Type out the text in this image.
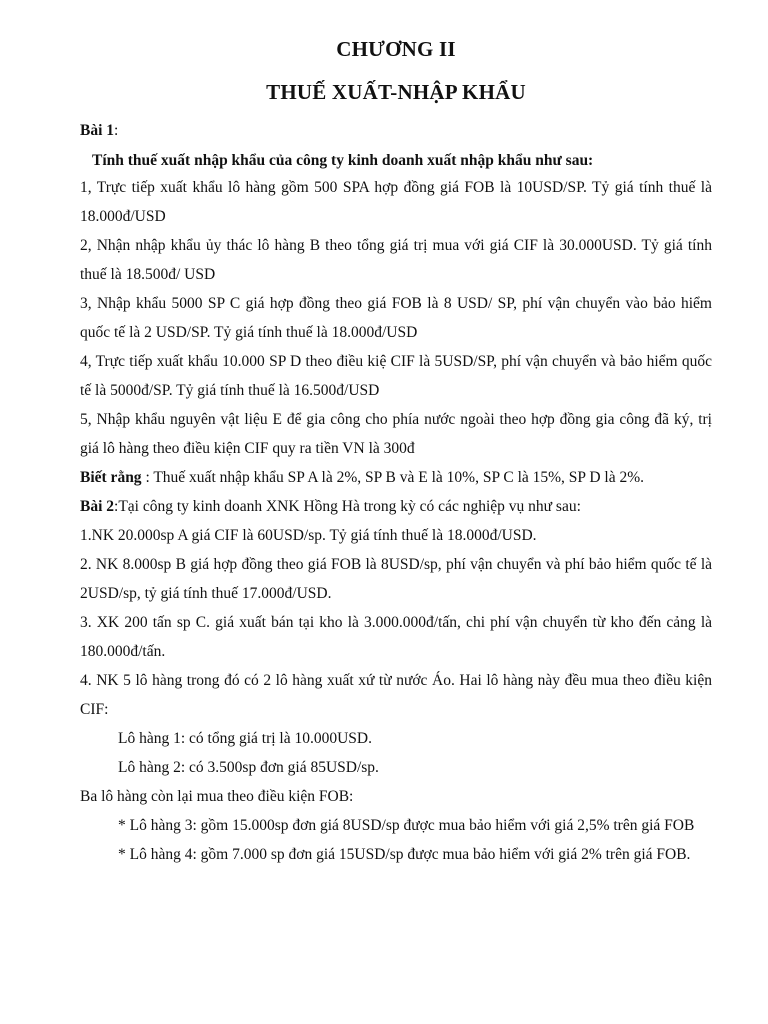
CHƯƠNG II
THUẾ XUẤT-NHẬP KHẨU
Bài 1:
Tính thuế xuất nhập khẩu của công ty kinh doanh xuất nhập khẩu như sau:

1, Trực tiếp xuất khẩu lô hàng gồm 500 SPA hợp đồng giá FOB là 10USD/SP. Tỷ giá tính thuế là 18.000đ/USD

2, Nhận nhập khẩu ủy thác lô hàng B theo tổng giá trị mua với giá CIF là 30.000USD. Tỷ giá tính thuế là 18.500đ/ USD

3, Nhập khẩu 5000 SP C giá hợp đồng theo giá FOB là 8 USD/ SP, phí vận chuyển vào bảo hiểm quốc tế là 2 USD/SP. Tỷ giá tính thuế là 18.000đ/USD

4, Trực tiếp xuất khẩu 10.000 SP D theo điều kiệ CIF là 5USD/SP, phí vận chuyển và bảo hiểm quốc tế là 5000đ/SP. Tỷ giá tính thuế là 16.500đ/USD

5, Nhập khẩu nguyên vật liệu E để gia công cho phía nước ngoài theo hợp đồng gia công đã ký, trị giá lô hàng theo điều kiện CIF quy ra tiền VN là 300đ

Biết rằng : Thuế xuất nhập khẩu SP A là 2%, SP B và E là 10%, SP C là 15%, SP D là 2%.

Bài 2:Tại công ty kinh doanh XNK Hồng Hà trong kỳ có các nghiệp vụ như sau:

1.NK 20.000sp A giá CIF là 60USD/sp. Tỷ giá tính thuế là 18.000đ/USD.

2. NK 8.000sp B giá hợp đồng theo giá FOB là 8USD/sp, phí vận chuyển và phí bảo hiểm quốc tế là 2USD/sp, tỷ giá tính thuế 17.000đ/USD.

3. XK 200 tấn sp C. giá xuất bán tại kho là 3.000.000đ/tấn, chi phí vận chuyển từ kho đến cảng là 180.000đ/tấn.

4. NK 5 lô hàng trong đó có 2 lô hàng xuất xứ từ nước Áo. Hai lô hàng này đều mua theo điều kiện CIF:

Lô hàng 1: có tổng giá trị là 10.000USD.

Lô hàng 2: có 3.500sp đơn giá 85USD/sp.

Ba lô hàng còn lại mua theo điều kiện FOB:

* Lô hàng 3: gồm 15.000sp đơn giá 8USD/sp được mua bảo hiểm với giá 2,5% trên giá FOB

* Lô hàng 4: gồm 7.000 sp đơn giá 15USD/sp được mua bảo hiểm với giá 2% trên giá FOB.
